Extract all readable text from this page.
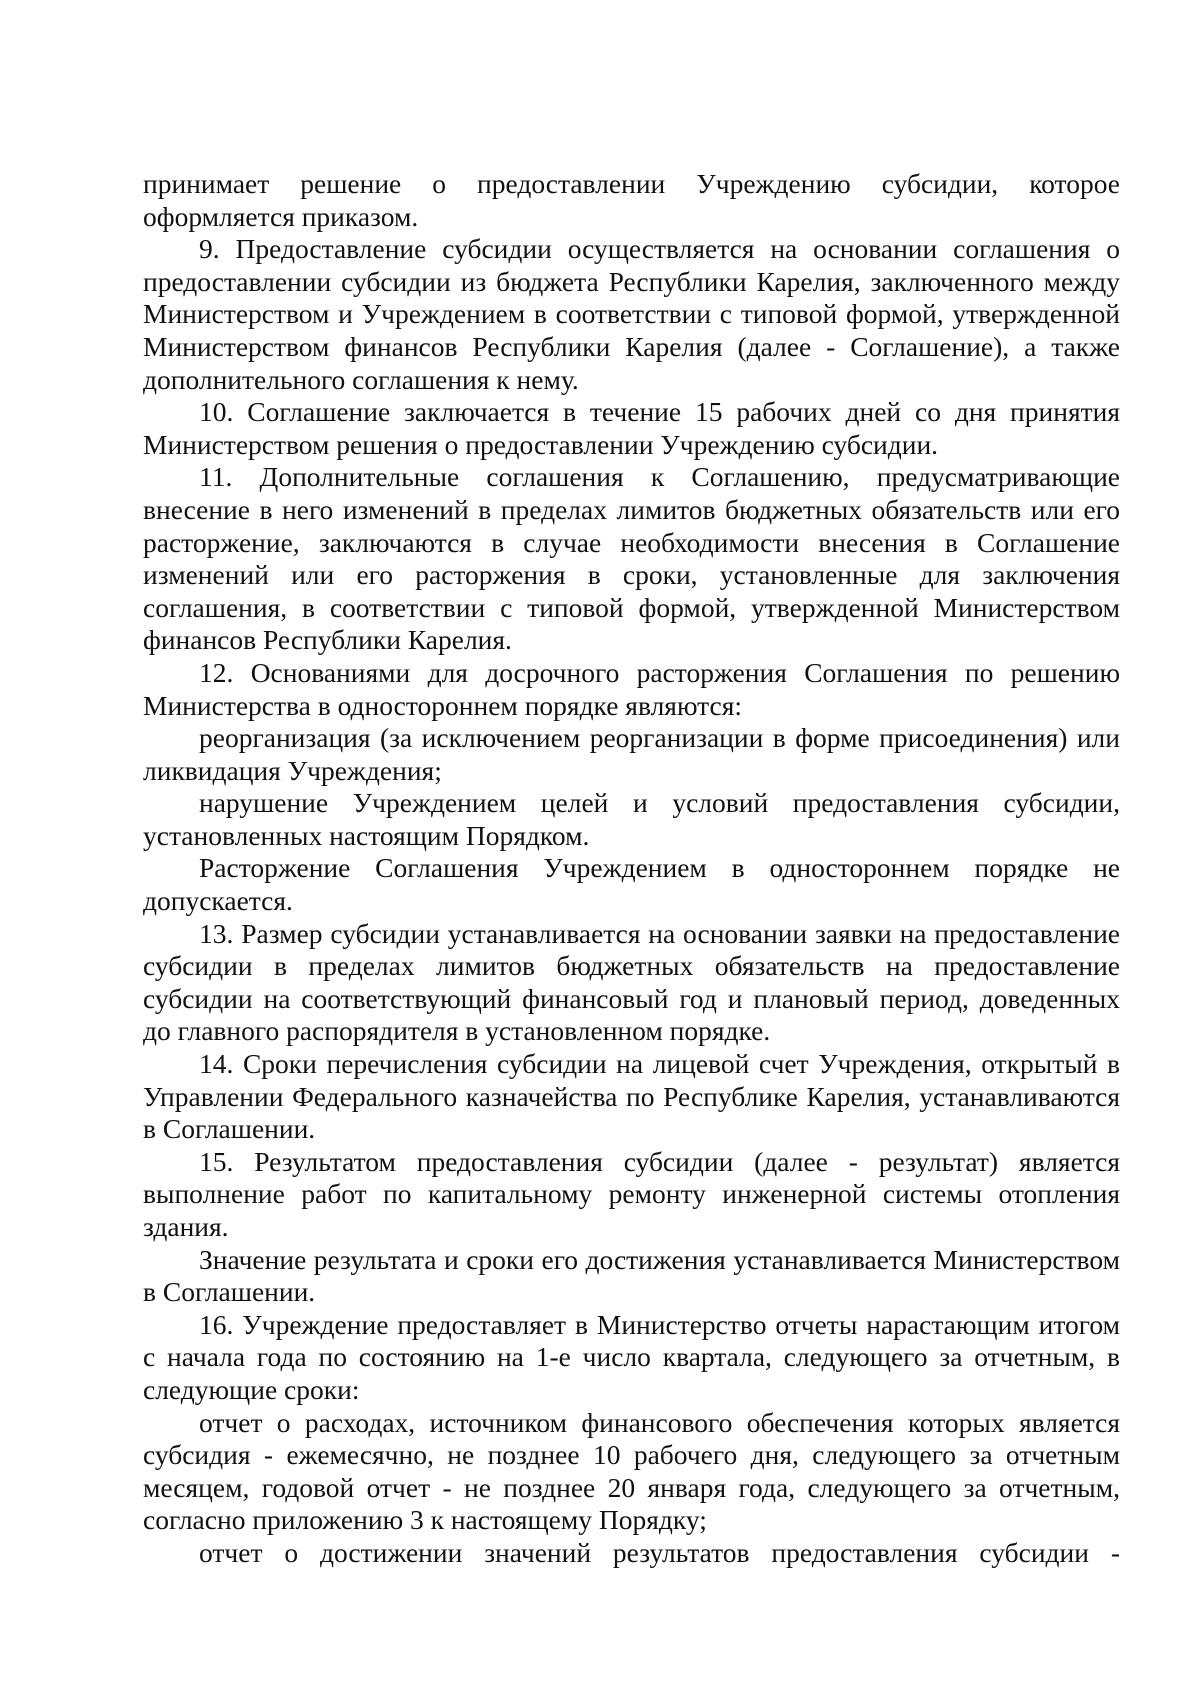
принимает решение о предоставлении Учреждению субсидии, которое оформляется приказом.

9. Предоставление субсидии осуществляется на основании соглашения о предоставлении субсидии из бюджета Республики Карелия, заключенного между Министерством и Учреждением в соответствии с типовой формой, утвержденной Министерством финансов Республики Карелия (далее - Соглашение), а также дополнительного соглашения к нему.

10. Соглашение заключается в течение 15 рабочих дней со дня принятия Министерством решения о предоставлении Учреждению субсидии.

11. Дополнительные соглашения к Соглашению, предусматривающие внесение в него изменений в пределах лимитов бюджетных обязательств или его расторжение, заключаются в случае необходимости внесения в Соглашение изменений или его расторжения в сроки, установленные для заключения соглашения, в соответствии с типовой формой, утвержденной Министерством финансов Республики Карелия.

12. Основаниями для досрочного расторжения Соглашения по решению Министерства в одностороннем порядке являются:

реорганизация (за исключением реорганизации в форме присоединения) или ликвидация Учреждения;

нарушение Учреждением целей и условий предоставления субсидии, установленных настоящим Порядком.

Расторжение Соглашения Учреждением в одностороннем порядке не допускается.

13. Размер субсидии устанавливается на основании заявки на предоставление субсидии в пределах лимитов бюджетных обязательств на предоставление субсидии на соответствующий финансовый год и плановый период, доведенных до главного распорядителя в установленном порядке.

14. Сроки перечисления субсидии на лицевой счет Учреждения, открытый в Управлении Федерального казначейства по Республике Карелия, устанавливаются в Соглашении.

15. Результатом предоставления субсидии (далее - результат) является выполнение работ по капитальному ремонту инженерной системы отопления здания.

Значение результата и сроки его достижения устанавливается Министерством в Соглашении.

16. Учреждение предоставляет в Министерство отчеты нарастающим итогом с начала года по состоянию на 1-е число квартала, следующего за отчетным, в следующие сроки:

отчет о расходах, источником финансового обеспечения которых является субсидия - ежемесячно, не позднее 10 рабочего дня, следующего за отчетным месяцем, годовой отчет - не позднее 20 января года, следующего за отчетным, согласно приложению 3 к настоящему Порядку;

отчет о достижении значений результатов предоставления субсидии -
